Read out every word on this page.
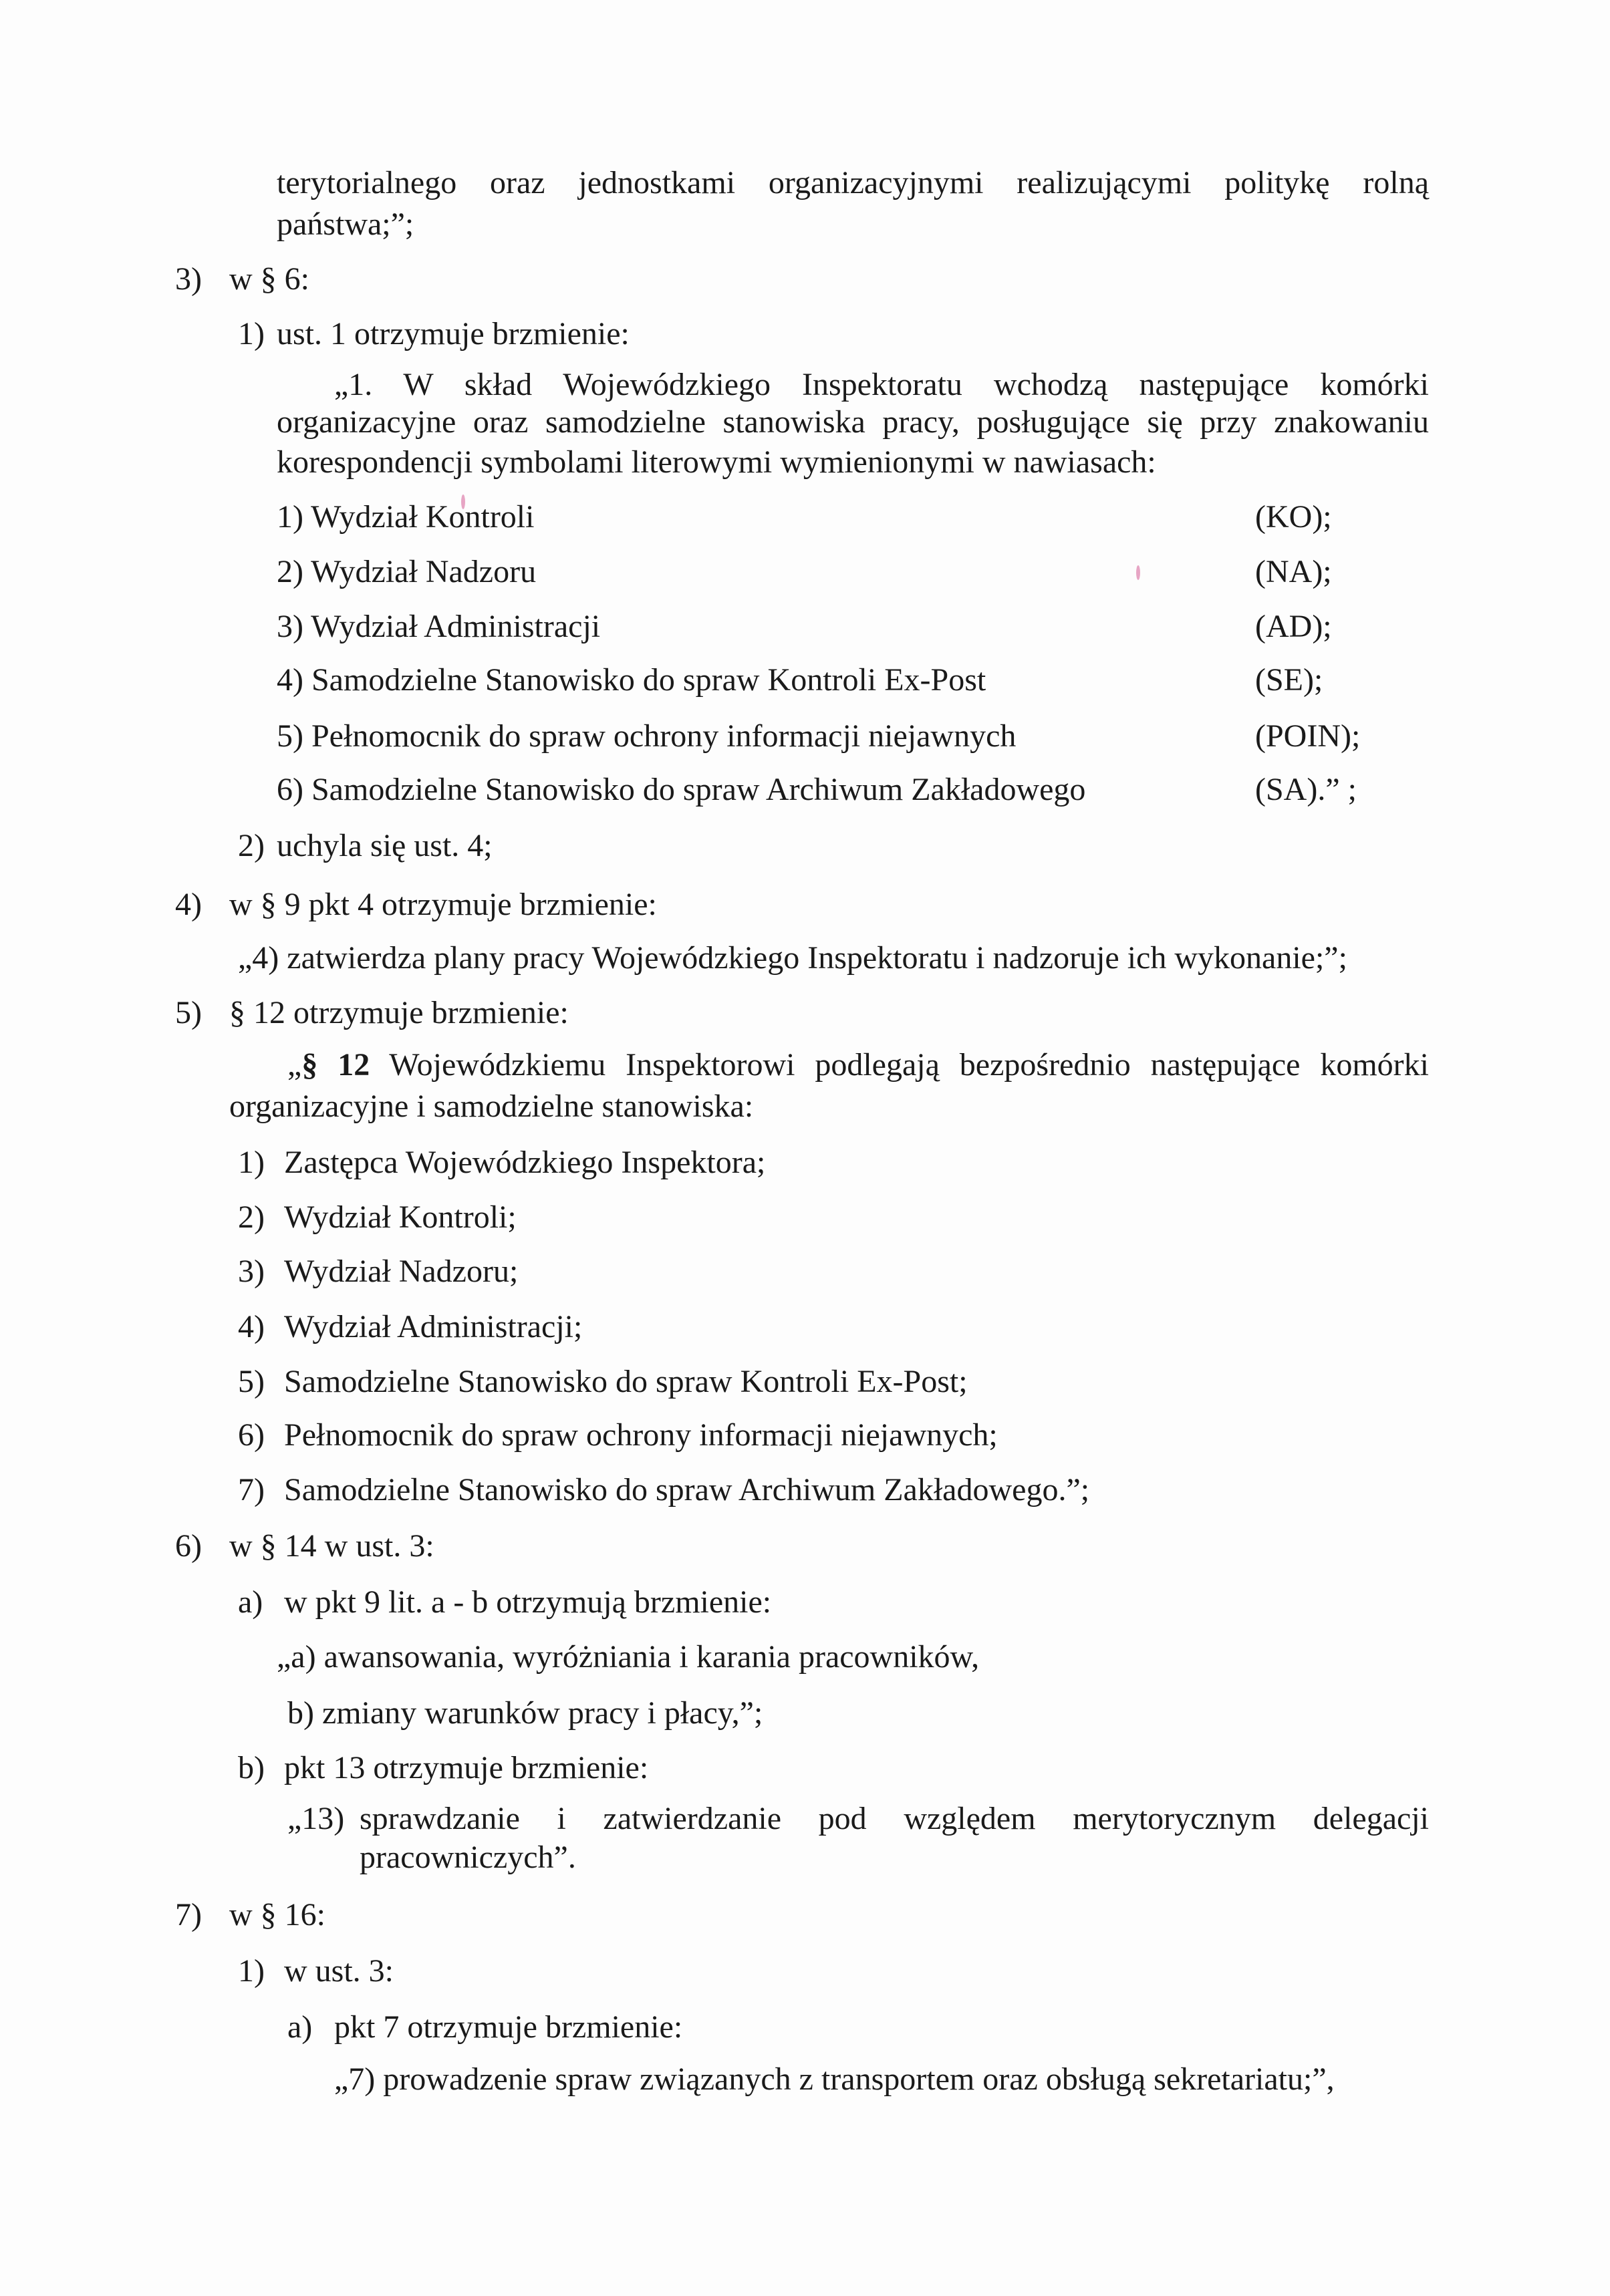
terytorialnego oraz jednostkami organizacyjnymi realizującymi politykę rolną
państwa;”;
3) w § 6:
1) ust. 1 otrzymuje brzmienie:
„1. W skład Wojewódzkiego Inspektoratu wchodzą następujące komórki
organizacyjne oraz samodzielne stanowiska pracy, posługujące się przy znakowaniu
korespondencji symbolami literowymi wymienionymi w nawiasach:
1) Wydział Kontroli	(KO);
2) Wydział Nadzoru	(NA);
3) Wydział Administracji	(AD);
4) Samodzielne Stanowisko do spraw Kontroli Ex-Post	(SE);
5) Pełnomocnik do spraw ochrony informacji niejawnych	(POIN);
6) Samodzielne Stanowisko do spraw Archiwum Zakładowego	(SA).” ;
2) uchyla się ust. 4;
4) w § 9 pkt 4 otrzymuje brzmienie:
„4) zatwierdza plany pracy Wojewódzkiego Inspektoratu i nadzoruje ich wykonanie;”;
5) § 12 otrzymuje brzmienie:
„§ 12 Wojewódzkiemu Inspektorowi podlegają bezpośrednio następujące komórki
organizacyjne i samodzielne stanowiska:
1) Zastępca Wojewódzkiego Inspektora;
2) Wydział Kontroli;
3) Wydział Nadzoru;
4) Wydział Administracji;
5) Samodzielne Stanowisko do spraw Kontroli Ex-Post;
6) Pełnomocnik do spraw ochrony informacji niejawnych;
7) Samodzielne Stanowisko do spraw Archiwum Zakładowego.”;
6) w § 14 w ust. 3:
a) w pkt 9 lit. a - b otrzymują brzmienie:
„a) awansowania, wyróżniania i karania pracowników,
b) zmiany warunków pracy i płacy,”;
b) pkt 13 otrzymuje brzmienie:
„13) sprawdzanie i zatwierdzanie pod względem merytorycznym delegacji
pracowniczych”.
7) w § 16:
1) w ust. 3:
a) pkt 7 otrzymuje brzmienie:
„7) prowadzenie spraw związanych z transportem oraz obsługą sekretariatu;”,
